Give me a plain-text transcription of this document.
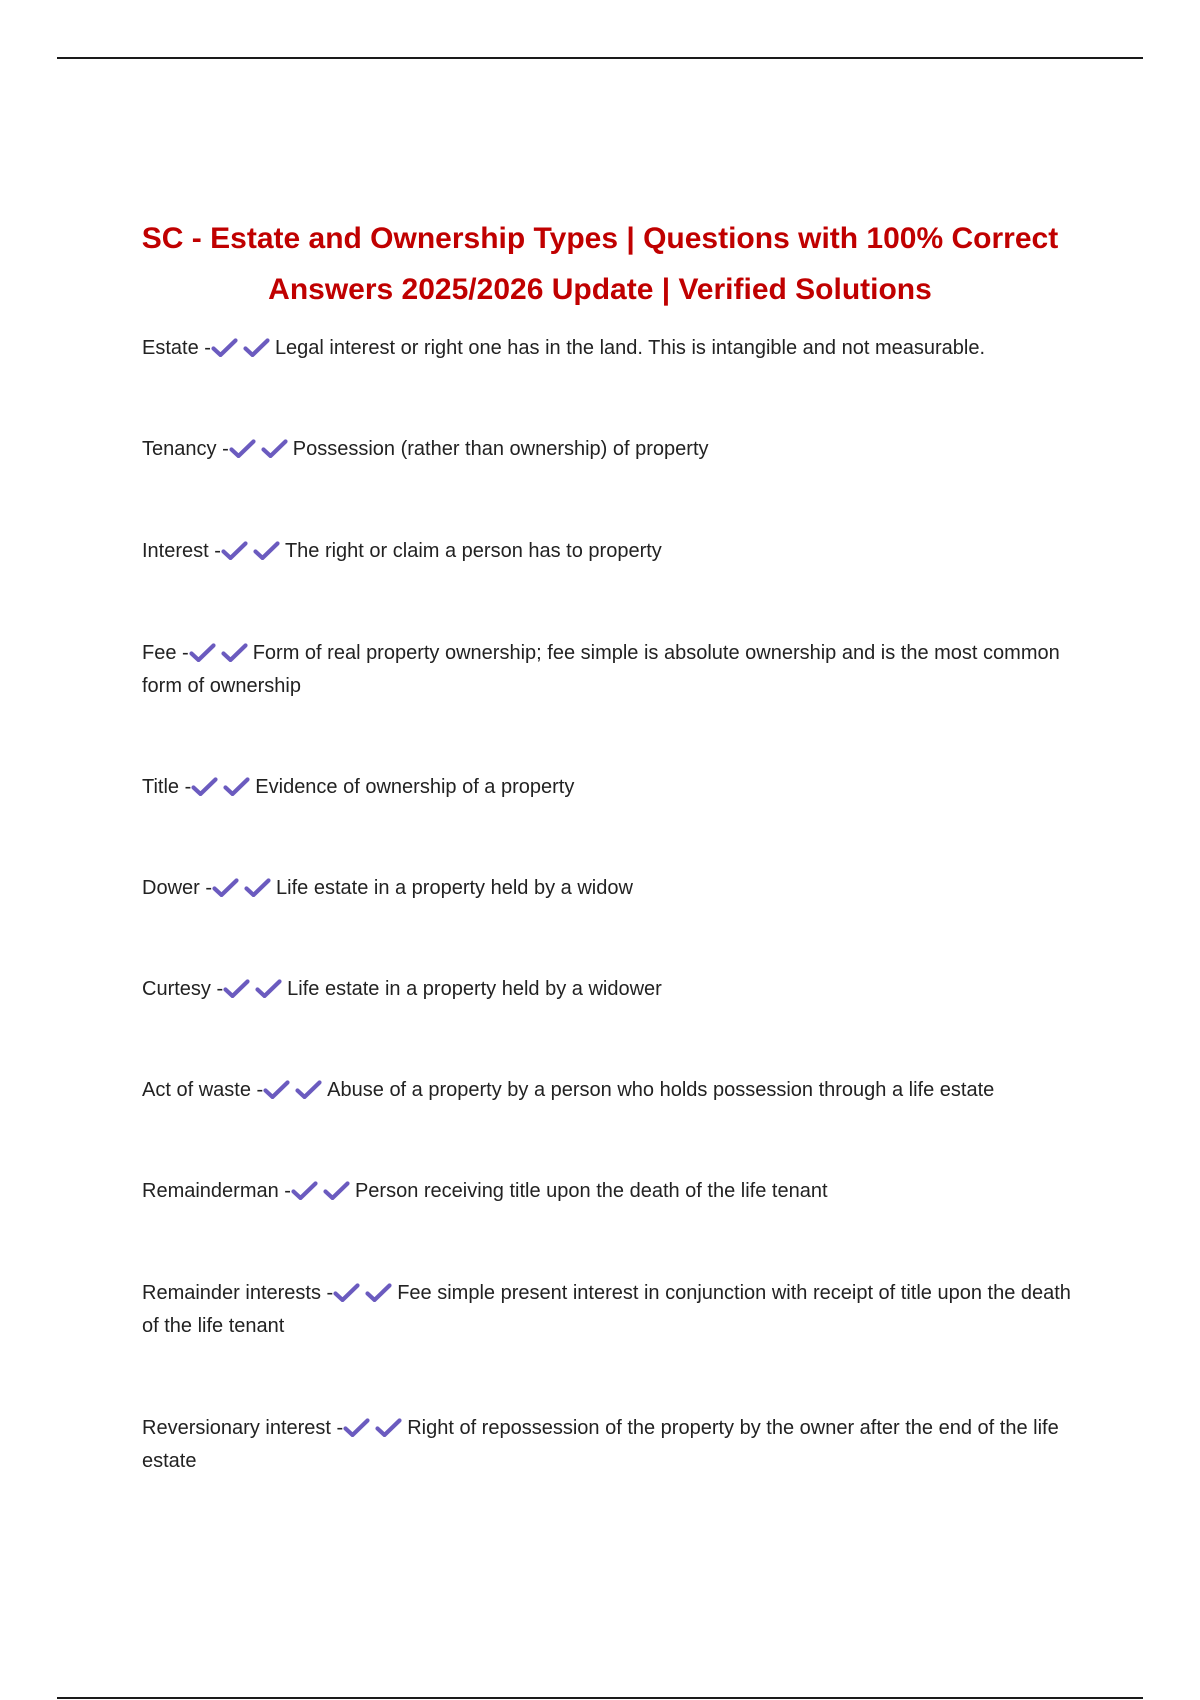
SC - Estate and Ownership Types | Questions with 100% Correct Answers 2025/2026 Update | Verified Solutions

Estate -	Legal interest or right one has in the land. This is intangible and not measurable.

Tenancy -	Possession (rather than ownership) of property

Interest -	The right or claim a person has to property

Fee -	Form of real property ownership; fee simple is absolute ownership and is the most common form of ownership

Title -	Evidence of ownership of a property

Dower -	Life estate in a property held by a widow

Curtesy -	Life estate in a property held by a widower

Act of waste -	Abuse of a property by a person who holds possession through a life estate

Remainderman -	Person receiving title upon the death of the life tenant

Remainder interests -	Fee simple present interest in conjunction with receipt of title upon the death of the life tenant

Reversionary interest -	Right of repossession of the property by the owner after the end of the life estate
